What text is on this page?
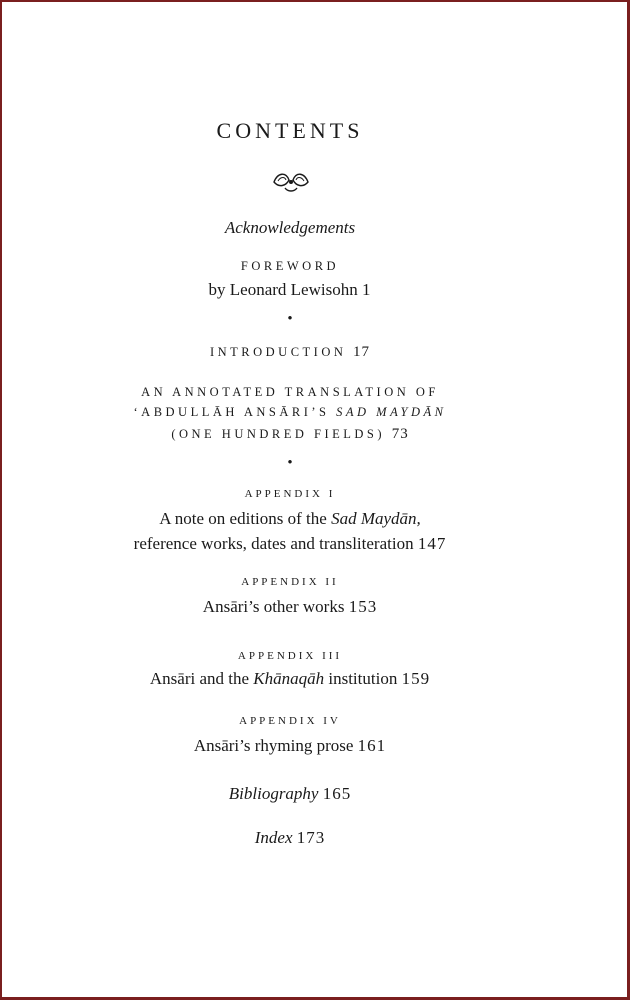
CONTENTS
Acknowledgements
FOREWORD
by Leonard Lewisohn 1
•
INTRODUCTION 17
AN ANNOTATED TRANSLATION OF
‘ABDULLĀH ANSĀRI’S SAD MAYDĀN
(ONE HUNDRED FIELDS) 73
•
APPENDIX I
A note on editions of the Sad Maydān,
reference works, dates and transliteration 147
APPENDIX II
Ansāri’s other works 153
APPENDIX III
Ansāri and the Khānaqāh institution 159
APPENDIX IV
Ansāri’s rhyming prose 161
Bibliography 165
Index 173
